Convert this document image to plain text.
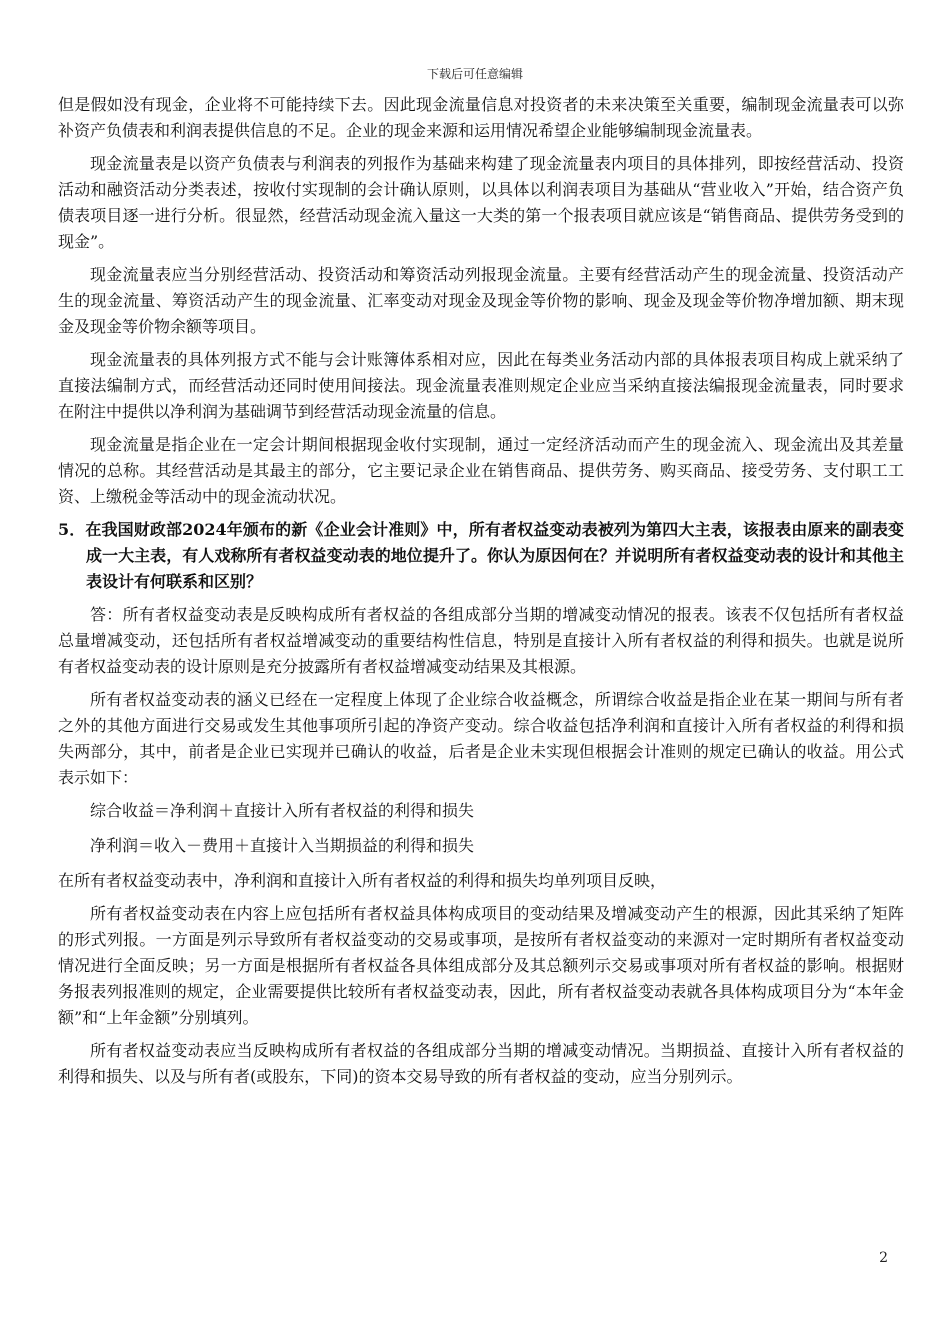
下载后可任意编辑

但是假如没有现金，企业将不可能持续下去。因此现金流量信息对投资者的未来决策至关重要，编制现金流量表可以弥补资产负债表和利润表提供信息的不足。企业的现金来源和运用情况希望企业能够编制现金流量表。

现金流量表是以资产负债表与利润表的列报作为基础来构建了现金流量表内项目的具体排列，即按经营活动、投资活动和融资活动分类表述，按收付实现制的会计确认原则，以具体以利润表项目为基础从“营业收入”开始，结合资产负债表项目逐一进行分析。很显然，经营活动现金流入量这一大类的第一个报表项目就应该是“销售商品、提供劳务受到的现金”。

现金流量表应当分别经营活动、投资活动和筹资活动列报现金流量。主要有经营活动产生的现金流量、投资活动产生的现金流量、筹资活动产生的现金流量、汇率变动对现金及现金等价物的影响、现金及现金等价物净增加额、期末现金及现金等价物余额等项目。

现金流量表的具体列报方式不能与会计账簿体系相对应，因此在每类业务活动内部的具体报表项目构成上就采纳了直接法编制方式，而经营活动还同时使用间接法。现金流量表准则规定企业应当采纳直接法编报现金流量表，同时要求在附注中提供以净利润为基础调节到经营活动现金流量的信息。

现金流量是指企业在一定会计期间根据现金收付实现制，通过一定经济活动而产生的现金流入、现金流出及其差量情况的总称。其经营活动是其最主的部分，它主要记录企业在销售商品、提供劳务、购买商品、接受劳务、支付职工工资、上缴税金等活动中的现金流动状况。

5．在我国财政部2024年颁布的新《企业会计准则》中，所有者权益变动表被列为第四大主表，该报表由原来的副表变成一大主表，有人戏称所有者权益变动表的地位提升了。你认为原因何在？并说明所有者权益变动表的设计和其他主表设计有何联系和区别？

答：所有者权益变动表是反映构成所有者权益的各组成部分当期的增减变动情况的报表。该表不仅包括所有者权益总量增减变动，还包括所有者权益增减变动的重要结构性信息，特别是直接计入所有者权益的利得和损失。也就是说所有者权益变动表的设计原则是充分披露所有者权益增减变动结果及其根源。

所有者权益变动表的涵义已经在一定程度上体现了企业综合收益概念，所谓综合收益是指企业在某一期间与所有者之外的其他方面进行交易或发生其他事项所引起的净资产变动。综合收益包括净利润和直接计入所有者权益的利得和损失两部分，其中，前者是企业已实现并已确认的收益，后者是企业未实现但根据会计准则的规定已确认的收益。用公式表示如下：

综合收益＝净利润＋直接计入所有者权益的利得和损失

净利润＝收入－费用＋直接计入当期损益的利得和损失

在所有者权益变动表中，净利润和直接计入所有者权益的利得和损失均单列项目反映，

所有者权益变动表在内容上应包括所有者权益具体构成项目的变动结果及增减变动产生的根源，因此其采纳了矩阵的形式列报。一方面是列示导致所有者权益变动的交易或事项，是按所有者权益变动的来源对一定时期所有者权益变动情况进行全面反映；另一方面是根据所有者权益各具体组成部分及其总额列示交易或事项对所有者权益的影响。根据财务报表列报准则的规定，企业需要提供比较所有者权益变动表，因此，所有者权益变动表就各具体构成项目分为“本年金额”和“上年金额”分别填列。

所有者权益变动表应当反映构成所有者权益的各组成部分当期的增减变动情况。当期损益、直接计入所有者权益的利得和损失、以及与所有者(或股东，下同)的资本交易导致的所有者权益的变动，应当分别列示。

2
